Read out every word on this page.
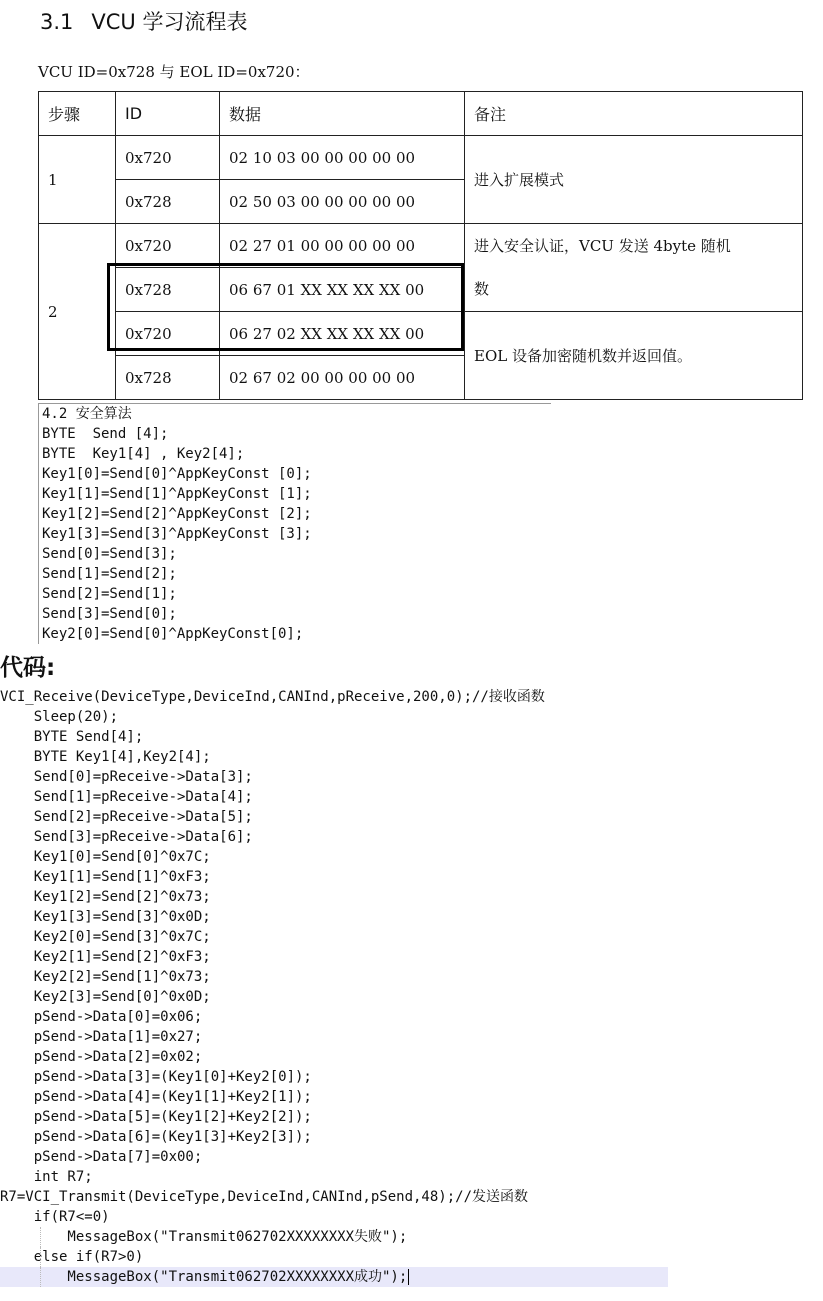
3.1 VCU 学习流程表
VCU ID=0x728 与 EOL ID=0x720：
步骤	ID	数据	备注
1	0x720	02 10 03 00 00 00 00 00	进入扩展模式
	0x728	02 50 03 00 00 00 00 00	
2	0x720	02 27 01 00 00 00 00 00	进入安全认证，VCU 发送 4byte 随机
数

	0x728	06 67 01 XX XX XX XX 00	
	0x720	06 27 02 XX XX XX XX 00	EOL 设备加密随机数并返回值。
	0x728	02 67 02 00 00 00 00 00	
4.2 安全算法
BYTE  Send [4];
BYTE  Key1[4] , Key2[4];
Key1[0]=Send[0]^AppKeyConst [0];
Key1[1]=Send[1]^AppKeyConst [1];
Key1[2]=Send[2]^AppKeyConst [2];
Key1[3]=Send[3]^AppKeyConst [3];
Send[0]=Send[3];
Send[1]=Send[2];
Send[2]=Send[1];
Send[3]=Send[0];
Key2[0]=Send[0]^AppKeyConst[0];
代码:
VCI_Receive(DeviceType,DeviceInd,CANInd,pReceive,200,0);//接收函数
Sleep(20);
BYTE Send[4];
BYTE Key1[4],Key2[4];
Send[0]=pReceive->Data[3];
Send[1]=pReceive->Data[4];
Send[2]=pReceive->Data[5];
Send[3]=pReceive->Data[6];
Key1[0]=Send[0]^0x7C;
Key1[1]=Send[1]^0xF3;
Key1[2]=Send[2]^0x73;
Key1[3]=Send[3]^0x0D;
Key2[0]=Send[3]^0x7C;
Key2[1]=Send[2]^0xF3;
Key2[2]=Send[1]^0x73;
Key2[3]=Send[0]^0x0D;
pSend->Data[0]=0x06;
pSend->Data[1]=0x27;
pSend->Data[2]=0x02;
pSend->Data[3]=(Key1[0]+Key2[0]);
pSend->Data[4]=(Key1[1]+Key2[1]);
pSend->Data[5]=(Key1[2]+Key2[2]);
pSend->Data[6]=(Key1[3]+Key2[3]);
pSend->Data[7]=0x00;
int R7;
R7=VCI_Transmit(DeviceType,DeviceInd,CANInd,pSend,48);//发送函数
if(R7<=0)
MessageBox("Transmit062702XXXXXXXX失败");
else if(R7>0)
MessageBox("Transmit062702XXXXXXXX成功");
